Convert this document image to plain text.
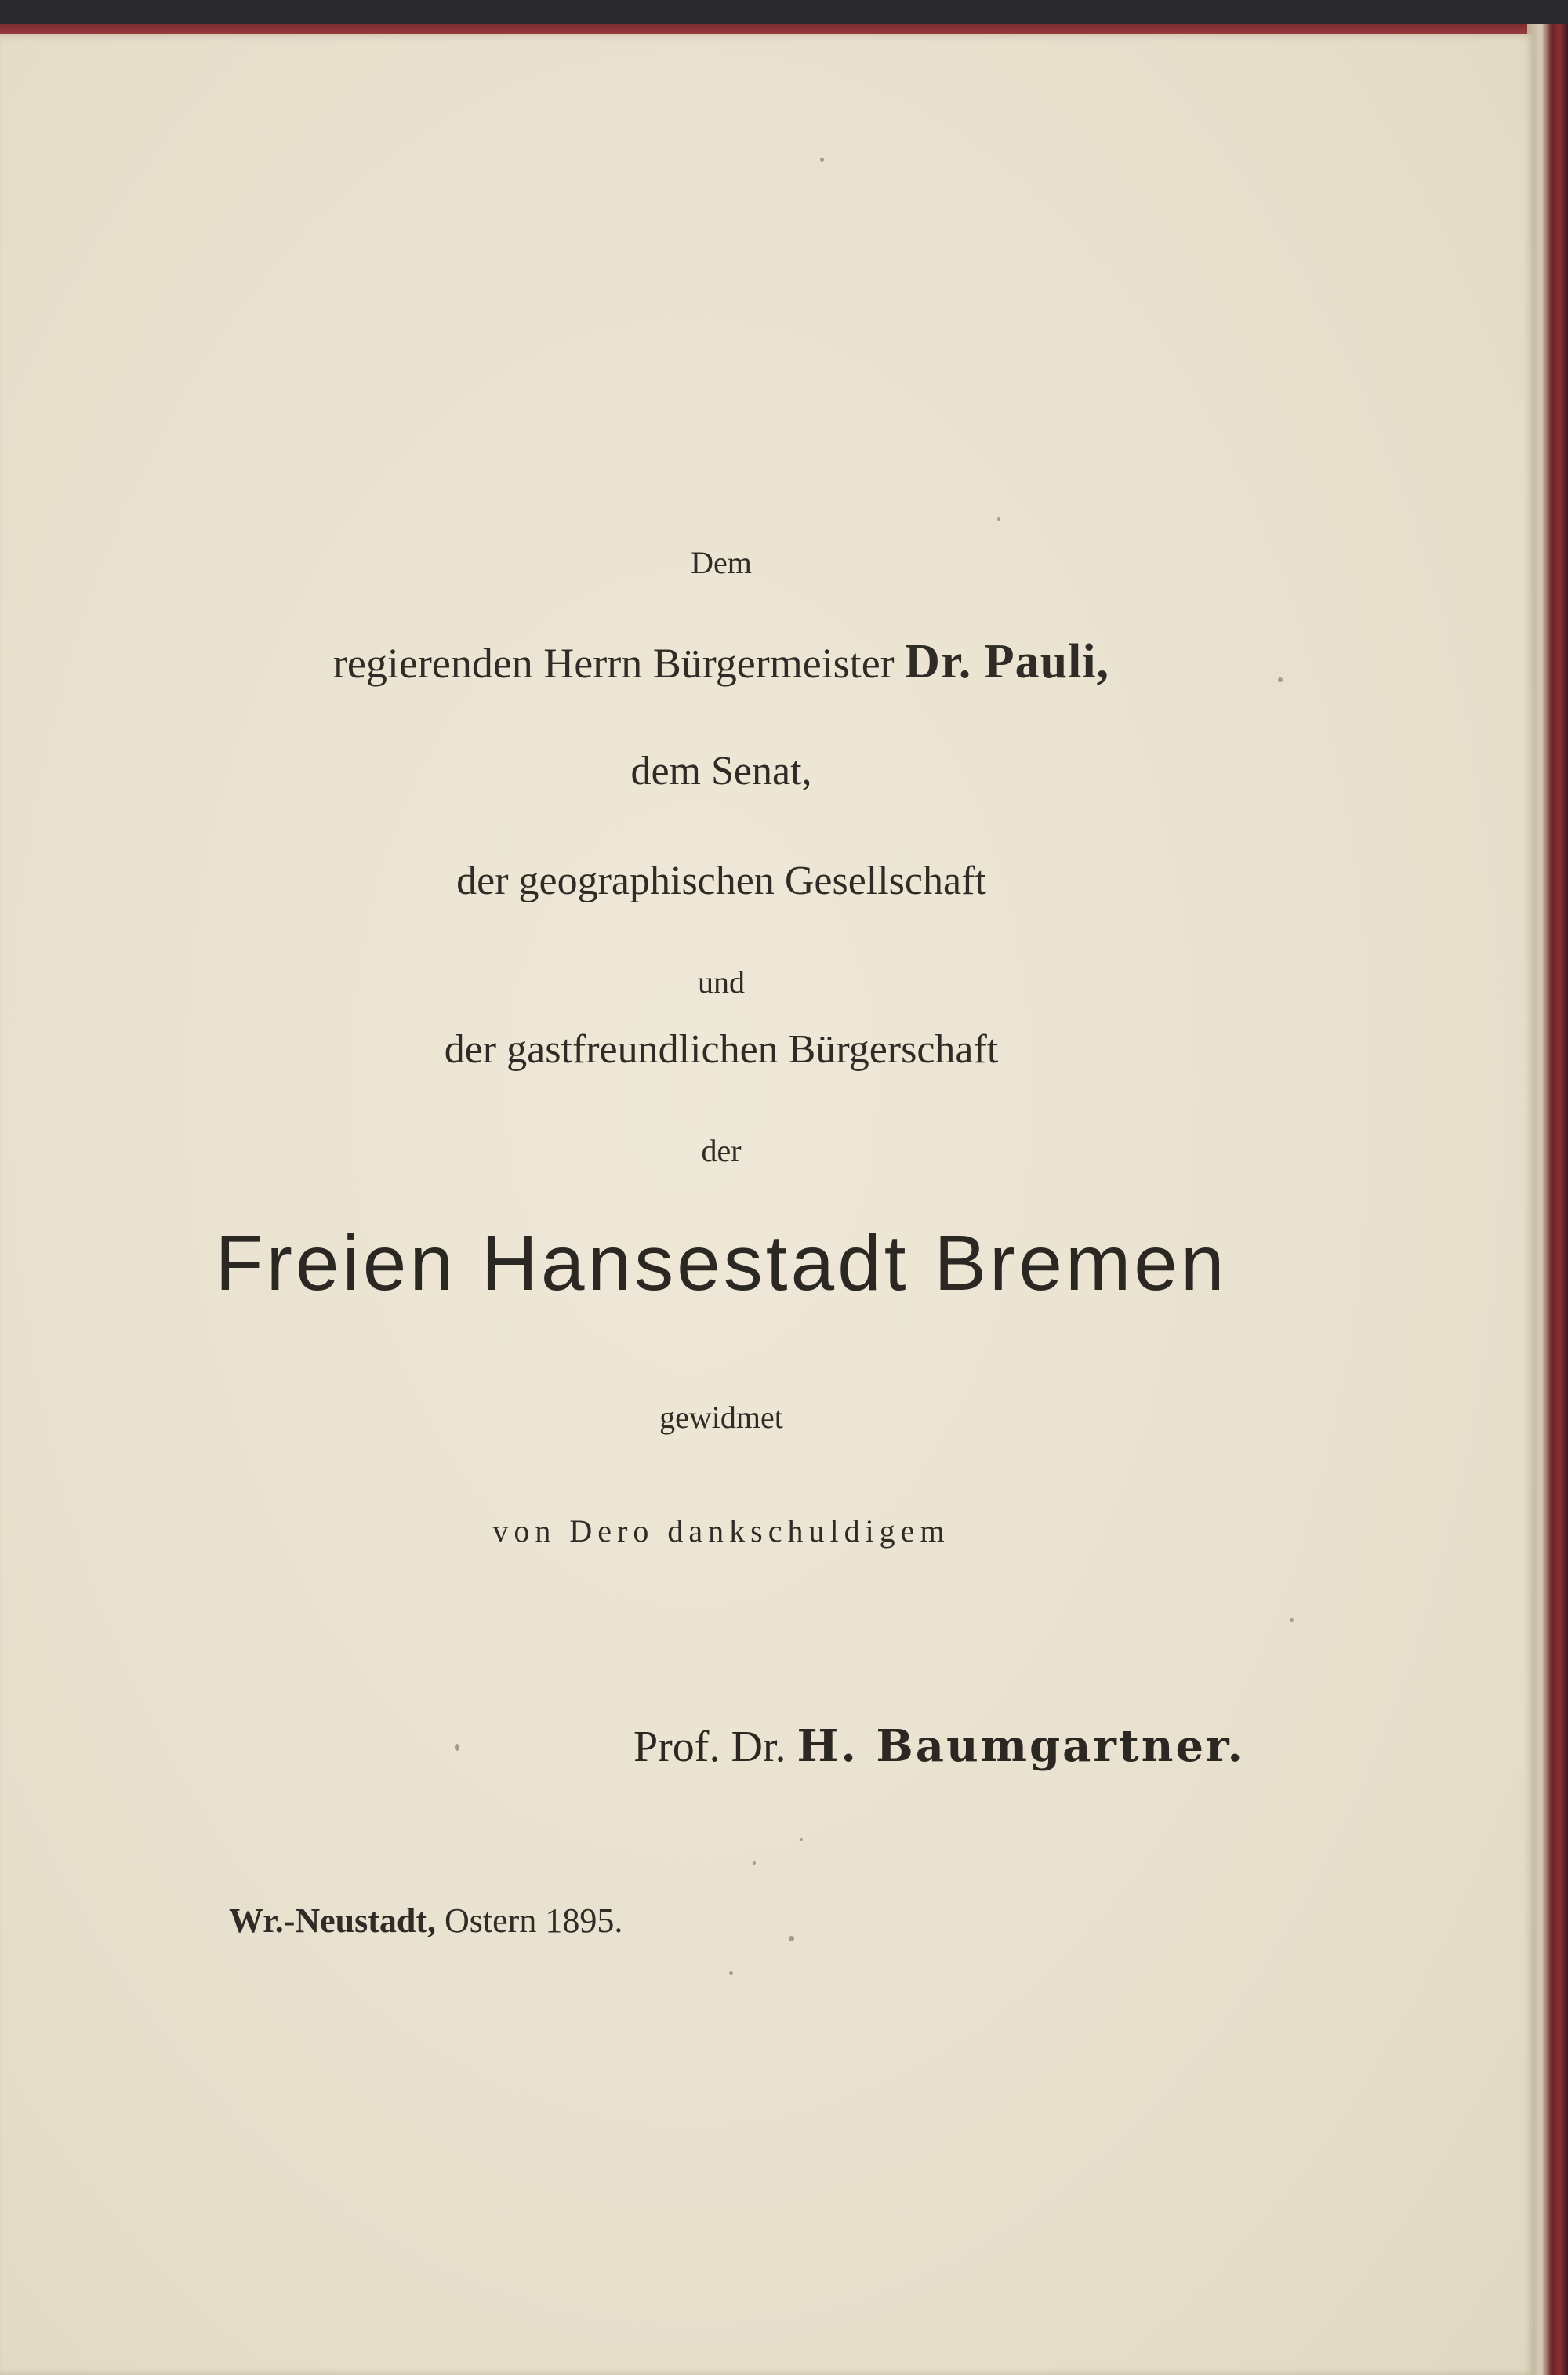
Dem
regierenden Herrn Bürgermeister Dr. Pauli,
dem Senat,
der geographischen Gesellschaft
und
der gastfreundlichen Bürgerschaft
der
Freien Hansestadt Bremen
gewidmet
von Dero dankschuldigem
Prof. Dr. H. Baumgartner.
Wr.-Neustadt, Ostern 1895.
